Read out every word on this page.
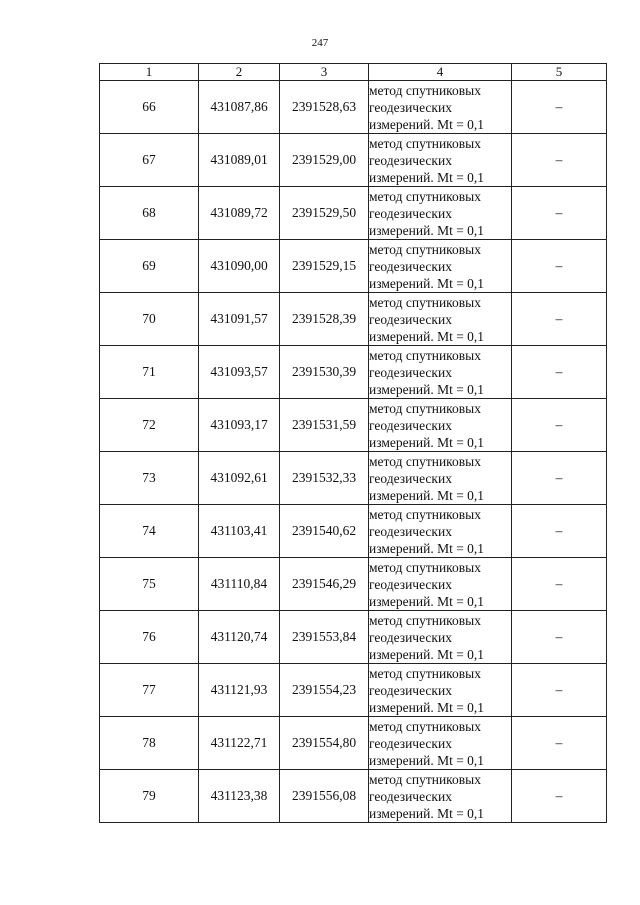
247
1	2	3	4	5
66	431087,86	2391528,63	метод спутниковых
геодезических
измерений. Mt = 0,1	–
67	431089,01	2391529,00	метод спутниковых
геодезических
измерений. Mt = 0,1	–
68	431089,72	2391529,50	метод спутниковых
геодезических
измерений. Mt = 0,1	–
69	431090,00	2391529,15	метод спутниковых
геодезических
измерений. Mt = 0,1	–
70	431091,57	2391528,39	метод спутниковых
геодезических
измерений. Mt = 0,1	–
71	431093,57	2391530,39	метод спутниковых
геодезических
измерений. Mt = 0,1	–
72	431093,17	2391531,59	метод спутниковых
геодезических
измерений. Mt = 0,1	–
73	431092,61	2391532,33	метод спутниковых
геодезических
измерений. Mt = 0,1	–
74	431103,41	2391540,62	метод спутниковых
геодезических
измерений. Mt = 0,1	–
75	431110,84	2391546,29	метод спутниковых
геодезических
измерений. Mt = 0,1	–
76	431120,74	2391553,84	метод спутниковых
геодезических
измерений. Mt = 0,1	–
77	431121,93	2391554,23	метод спутниковых
геодезических
измерений. Mt = 0,1	–
78	431122,71	2391554,80	метод спутниковых
геодезических
измерений. Mt = 0,1	–
79	431123,38	2391556,08	метод спутниковых
геодезических
измерений. Mt = 0,1	–
